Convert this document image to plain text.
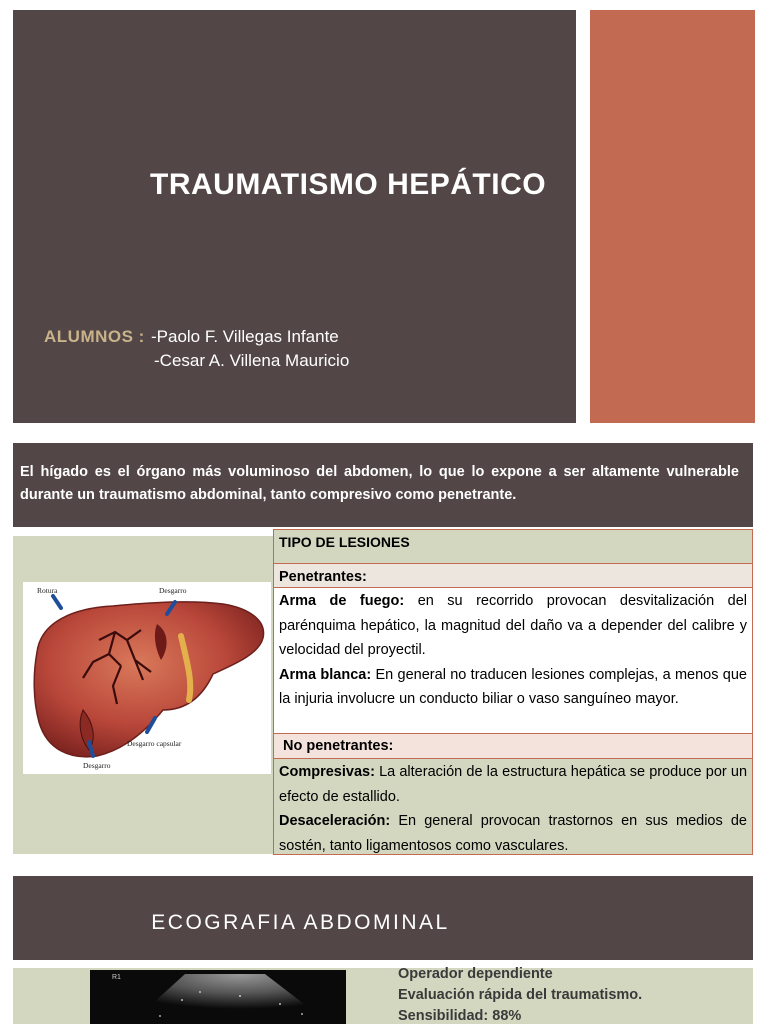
TRAUMATISMO HEPÁTICO
ALUMNOS : -Paolo F. Villegas Infante
-Cesar A. Villena Mauricio
El hígado es el órgano más voluminoso del abdomen, lo que lo expone a ser altamente vulnerable durante un traumatismo abdominal, tanto compresivo como penetrante.
Rotura	Desgarro
Desgarro capsular
Desgarro
TIPO DE LESIONES
Penetrantes:

Arma de fuego: en su recorrido provocan desvitalización del parénquima hepático, la magnitud del daño va a depender del calibre y velocidad del proyectil.

Arma blanca: En general no traducen lesiones complejas, a menos que la injuria involucre un conducto biliar o vaso sanguíneo mayor.

No penetrantes:

Compresivas: La alteración de la estructura hepática se produce por un efecto de estallido.

Desaceleración: En general provocan trastornos en sus medios de sostén, tanto ligamentosos como vasculares.

ECOGRAFIA ABDOMINAL
R1	Operador dependiente
Evaluación rápida del traumatismo.
Sensibilidad: 88%
